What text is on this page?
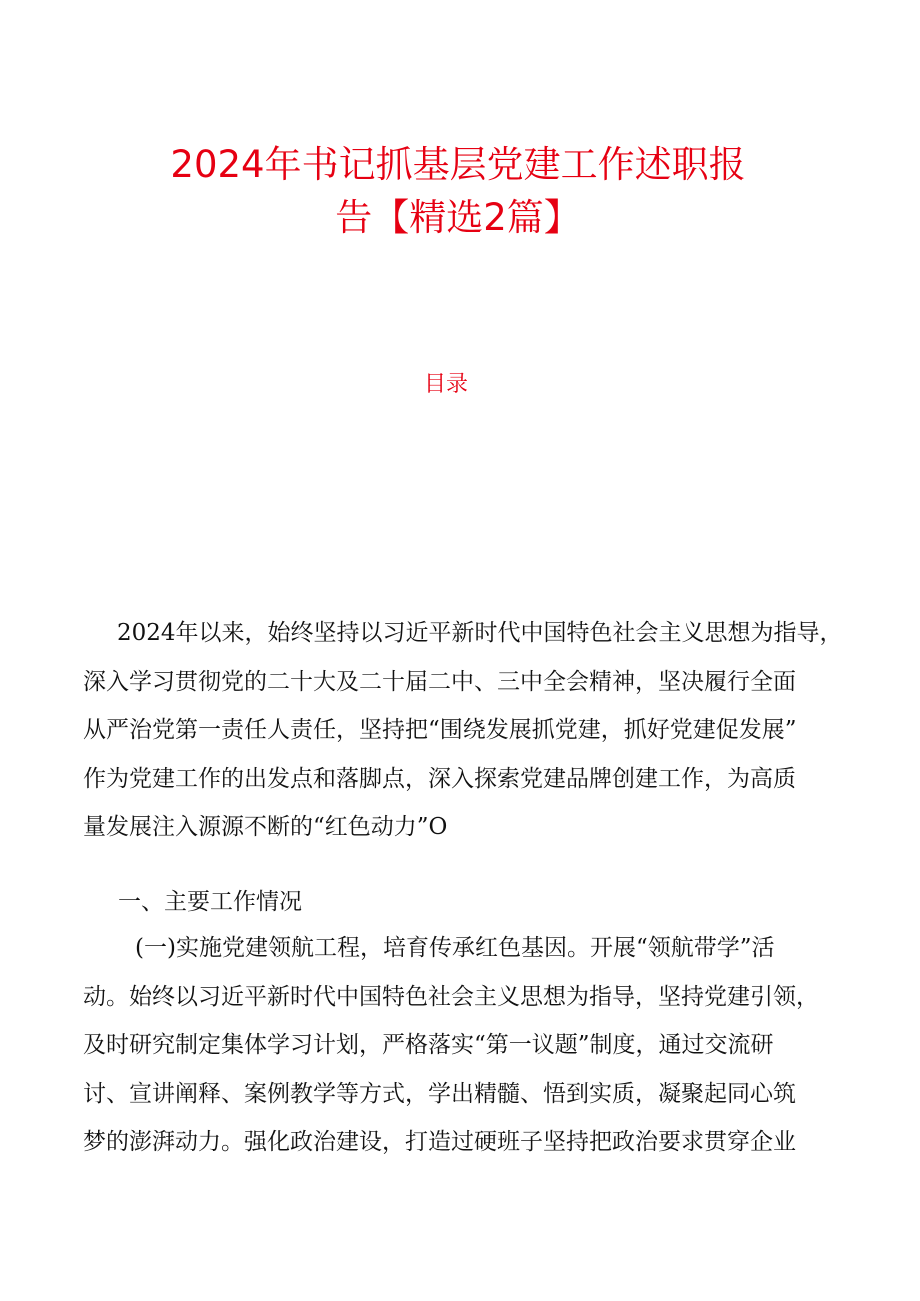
2024年书记抓基层党建工作述职报
告【精选2篇】
目录
2024年以来，始终坚持以习近平新时代中国特色社会主义思想为指导，
深入学习贯彻党的二十大及二十届二中、三中全会精神，坚决履行全面
从严治党第一责任人责任，坚持把“围绕发展抓党建，抓好党建促发展”
作为党建工作的出发点和落脚点，深入探索党建品牌创建工作，为高质
量发展注入源源不断的“红色动力”O
一、主要工作情况
(一)实施党建领航工程，培育传承红色基因。开展“领航带学”活
动。始终以习近平新时代中国特色社会主义思想为指导，坚持党建引领，
及时研究制定集体学习计划，严格落实“第一议题”制度，通过交流研
讨、宣讲阐释、案例教学等方式，学出精髓、悟到实质，凝聚起同心筑
梦的澎湃动力。强化政治建设，打造过硬班子坚持把政治要求贯穿企业
